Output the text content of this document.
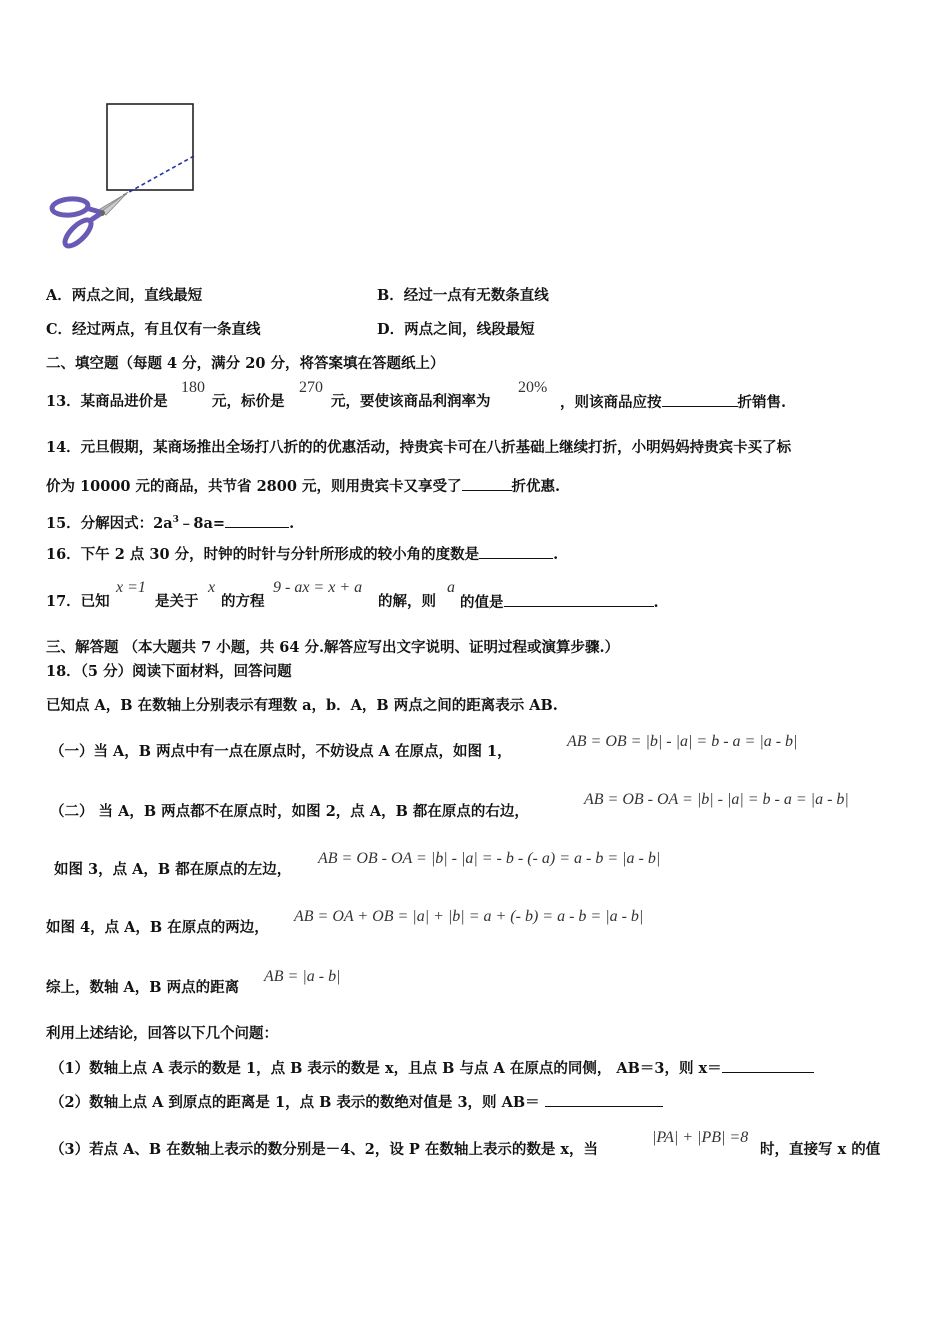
A．两点之间，直线最短	B．经过一点有无数条直线
C．经过两点，有且仅有一条直线	D．两点之间，线段最短
二、填空题（每题 4 分，满分 20 分，将答案填在答题纸上）
13．某商品进价是
180
元，标价是
270
元，要使该商品利润率为
20%
，则该商品应按	折销售.
14．元旦假期，某商场推出全场打八折的的优惠活动，持贵宾卡可在八折基础上继续打折，小明妈妈持贵宾卡买了标
价为 10000 元的商品，共节省 2800 元，则用贵宾卡又享受了	折优惠.
15．分解因式：$2a^3﹣8a=$	.
16．下午 2 点 30 分，时钟的时针与分针所形成的较小角的度数是	.
17．已知
x =1
是关于
x
的方程
9 - ax = x + a
的解，则
a
的值是	.
三、解答题 （本大题共 7 小题，共 64 分.解答应写出文字说明、证明过程或演算步骤.）
18．（5 分）阅读下面材料，回答问题
已知点 A，B 在数轴上分别表示有理数 a，b．A，B 两点之间的距离表示 AB.
（一）当 A，B 两点中有一点在原点时，不妨设点 A 在原点，如图 1，
AB = OB = |b| - |a| = b - a = |a - b|
（二） 当 A，B 两点都不在原点时，如图 2，点 A，B 都在原点的右边，
AB = OB - OA = |b| - |a| = b - a = |a - b|
如图 3，点 A，B 都在原点的左边，
AB = OB - OA = |b| - |a| = - b - (- a) = a - b = |a - b|
如图 4，点 A，B 在原点的两边，
AB = OA + OB = |a| + |b| = a + (- b) = a - b = |a - b|
综上，数轴 A，B 两点的距离
AB = |a - b|
利用上述结论，回答以下几个问题：
（1）数轴上点 A 表示的数是 1，点 B 表示的数是 x，且点 B 与点 A 在原点的同侧， AB＝3，则 x＝
（2）数轴上点 A 到原点的距离是 1，点 B 表示的数绝对值是 3，则 AB＝
（3）若点 A、B 在数轴上表示的数分别是－4、2，设 P 在数轴上表示的数是 x，当
|PA| + |PB| =8
时，直接写 x 的值
